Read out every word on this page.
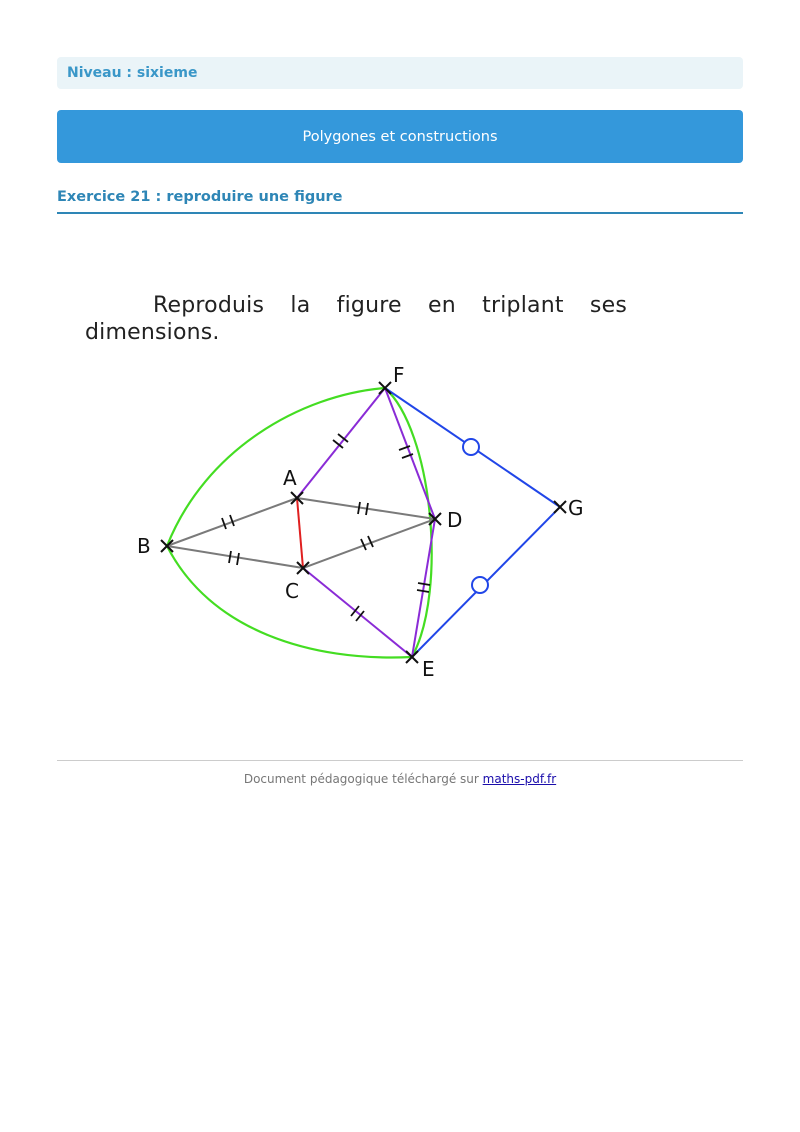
Niveau : sixieme
Polygones et constructions
Exercice 21 : reproduire une figure
Reproduis la figure en triplant ses dimensions.
A
B
C
D
E
F
G
Document pédagogique téléchargé sur maths-pdf.fr
